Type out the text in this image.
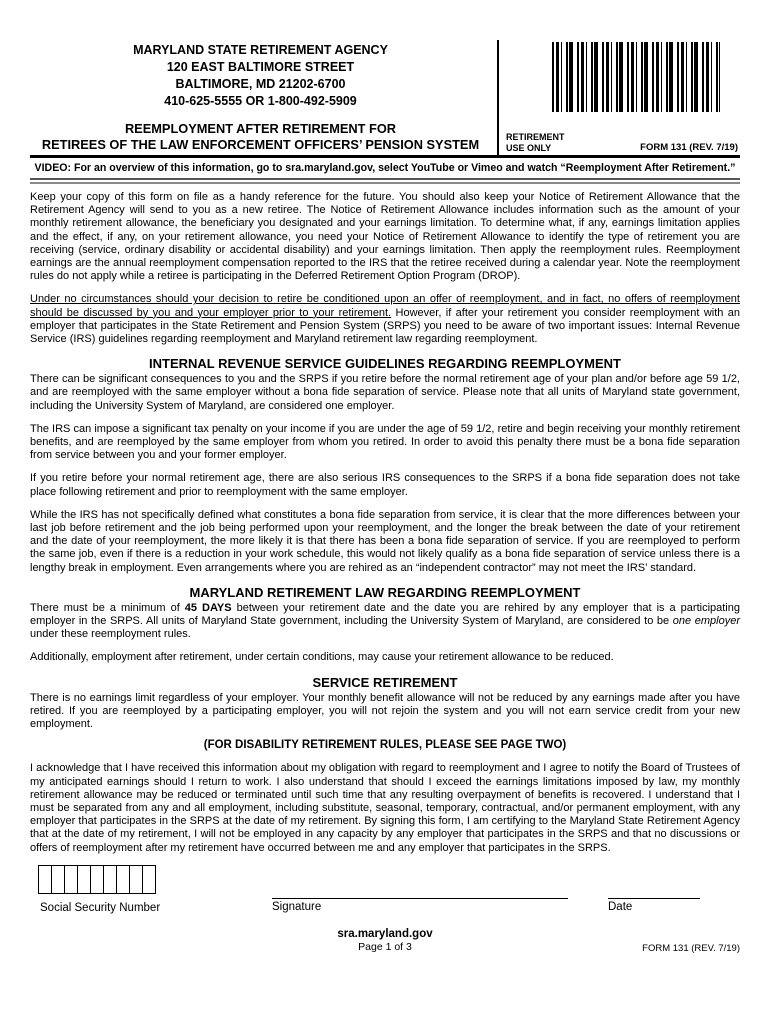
MARYLAND STATE RETIREMENT AGENCY
120 EAST BALTIMORE STREET
BALTIMORE, MD 21202-6700
410-625-5555 OR 1-800-492-5909
REEMPLOYMENT AFTER RETIREMENT FOR
RETIREES OF THE LAW ENFORCEMENT OFFICERS’ PENSION SYSTEM	RETIREMENT
USE ONLY	FORM 131 (REV. 7/19)
VIDEO: For an overview of this information, go to sra.maryland.gov, select YouTube or Vimeo and watch “Reemployment After Retirement.”

Keep your copy of this form on file as a handy reference for the future. You should also keep your Notice of Retirement Allowance that the Retirement Agency will send to you as a new retiree. The Notice of Retirement Allowance includes information such as the amount of your monthly retirement allowance, the beneficiary you designated and your earnings limitation. To determine what, if any, earnings limitation applies and the effect, if any, on your retirement allowance, you need your Notice of Retirement Allowance to identify the type of retirement you are receiving (service, ordinary disability or accidental disability) and your earnings limitation. Then apply the reemployment rules. Reemployment earnings are the annual reemployment compensation reported to the IRS that the retiree received during a calendar year. Note the reemployment rules do not apply while a retiree is participating in the Deferred Retirement Option Program (DROP).

Under no circumstances should your decision to retire be conditioned upon an offer of reemployment, and in fact, no offers of reemployment should be discussed by you and your employer prior to your retirement. However, if after your retirement you consider reemployment with an employer that participates in the State Retirement and Pension System (SRPS) you need to be aware of two important issues: Internal Revenue Service (IRS) guidelines regarding reemployment and Maryland retirement law regarding reemployment.

INTERNAL REVENUE SERVICE GUIDELINES REGARDING REEMPLOYMENT

There can be significant consequences to you and the SRPS if you retire before the normal retirement age of your plan and/or before age 59 1/2, and are reemployed with the same employer without a bona fide separation of service. Please note that all units of Maryland state government, including the University System of Maryland, are considered one employer.

The IRS can impose a significant tax penalty on your income if you are under the age of 59 1/2, retire and begin receiving your monthly retirement benefits, and are reemployed by the same employer from whom you retired. In order to avoid this penalty there must be a bona fide separation from service between you and your former employer.

If you retire before your normal retirement age, there are also serious IRS consequences to the SRPS if a bona fide separation does not take place following retirement and prior to reemployment with the same employer.

While the IRS has not specifically defined what constitutes a bona fide separation from service, it is clear that the more differences between your last job before retirement and the job being performed upon your reemployment, and the longer the break between the date of your retirement and the date of your reemployment, the more likely it is that there has been a bona fide separation of service. If you are reemployed to perform the same job, even if there is a reduction in your work schedule, this would not likely qualify as a bona fide separation of service unless there is a lengthy break in employment. Even arrangements where you are rehired as an “independent contractor” may not meet the IRS’ standard.

MARYLAND RETIREMENT LAW REGARDING REEMPLOYMENT

There must be a minimum of 45 DAYS between your retirement date and the date you are rehired by any employer that is a participating employer in the SRPS. All units of Maryland State government, including the University System of Maryland, are considered to be one employer under these reemployment rules.

Additionally, employment after retirement, under certain conditions, may cause your retirement allowance to be reduced.

SERVICE RETIREMENT

There is no earnings limit regardless of your employer. Your monthly benefit allowance will not be reduced by any earnings made after you have retired. If you are reemployed by a participating employer, you will not rejoin the system and you will not earn service credit from your new employment.

(FOR DISABILITY RETIREMENT RULES, PLEASE SEE PAGE TWO)

I acknowledge that I have received this information about my obligation with regard to reemployment and I agree to notify the Board of Trustees of my anticipated earnings should I return to work. I also understand that should I exceed the earnings limitations imposed by law, my monthly retirement allowance may be reduced or terminated until such time that any resulting overpayment of benefits is recovered. I understand that I must be separated from any and all employment, including substitute, seasonal, temporary, contractual, and/or permanent employment, with any employer that participates in the SRPS at the date of my retirement. By signing this form, I am certifying to the Maryland State Retirement Agency that at the date of my retirement, I will not be employed in any capacity by any employer that participates in the SRPS and that no discussions or offers of reemployment after my retirement have occurred between me and any employer that participates in the SRPS.

Social Security Number	Signature	Date
sra.maryland.gov
Page 1 of 3	FORM 131 (REV. 7/19)
